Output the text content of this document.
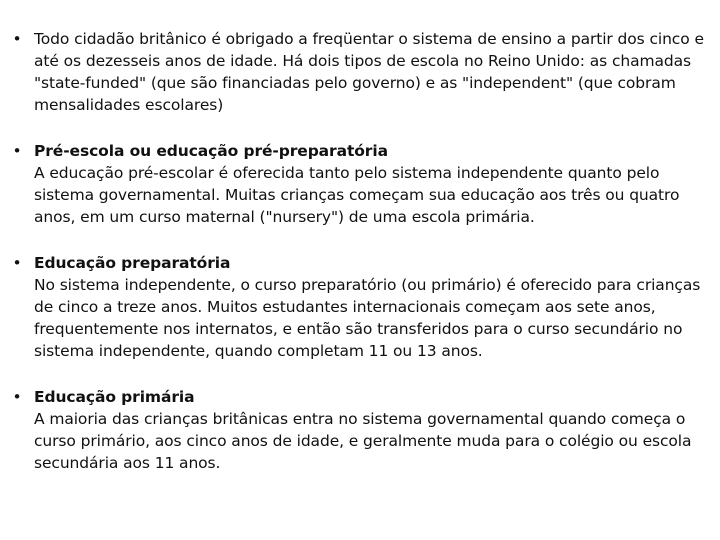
• Todo cidadão britânico é obrigado a freqüentar o sistema de ensino a partir dos cinco e até os dezesseis anos de idade. Há dois tipos de escola no Reino Unido: as chamadas "state-funded" (que são financiadas pelo governo) e as "independent" (que cobram mensalidades escolares)
• Pré-escola ou educação pré-preparatória
A educação pré-escolar é oferecida tanto pelo sistema independente quanto pelo sistema governamental. Muitas crianças começam sua educação aos três ou quatro anos, em um curso maternal ("nursery") de uma escola primária.
• Educação preparatória
No sistema independente, o curso preparatório (ou primário) é oferecido para crianças de cinco a treze anos. Muitos estudantes internacionais começam aos sete anos, frequentemente nos internatos, e então são transferidos para o curso secundário no sistema independente, quando completam 11 ou 13 anos.
• Educação primária
A maioria das crianças britânicas entra no sistema governamental quando começa o curso primário, aos cinco anos de idade, e geralmente muda para o colégio ou escola secundária aos 11 anos.
